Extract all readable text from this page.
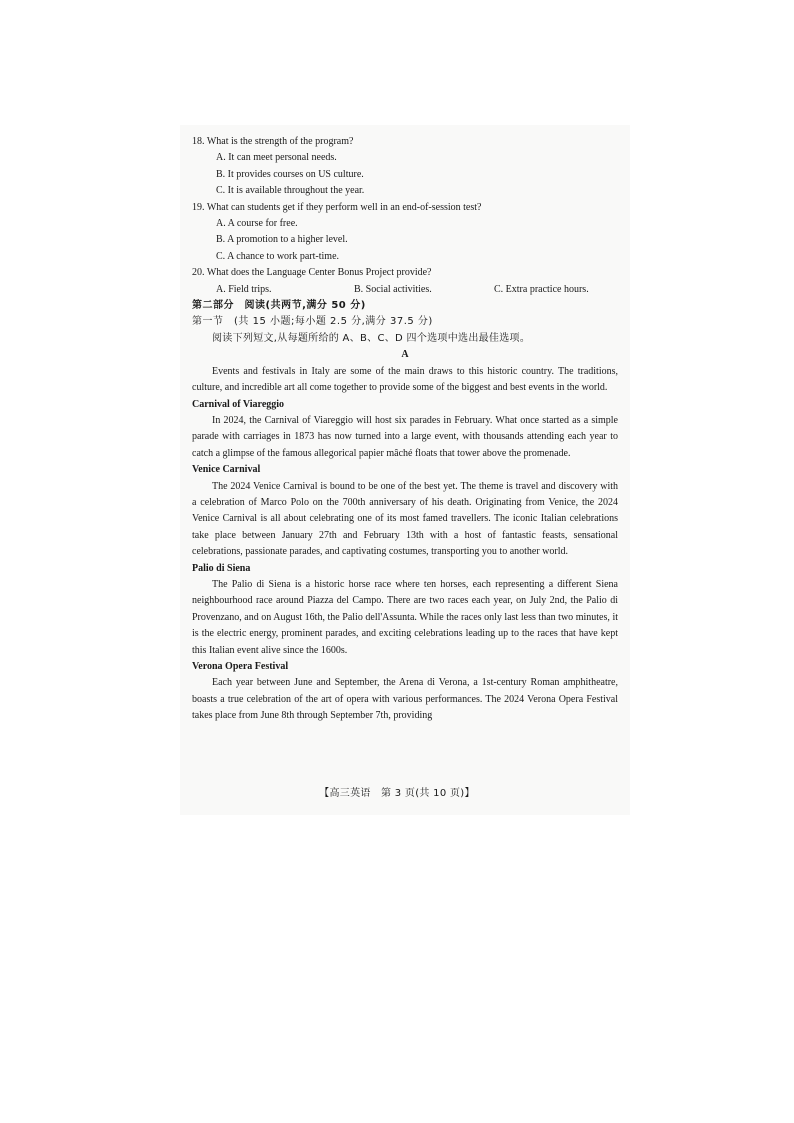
18. What is the strength of the program?

A. It can meet personal needs.

B. It provides courses on US culture.

C. It is available throughout the year.

19. What can students get if they perform well in an end-of-session test?

A. A course for free.

B. A promotion to a higher level.

C. A chance to work part-time.

20. What does the Language Center Bonus Project provide?

A. Field trips.	B. Social activities.	C. Extra practice hours.
第二部分　阅读(共两节,满分 50 分)
第一节　(共 15 小题;每小题 2.5 分,满分 37.5 分)
阅读下列短文,从每题所给的 A、B、C、D 四个选项中选出最佳选项。
A

Events and festivals in Italy are some of the main draws to this historic country. The traditions, culture, and incredible art all come together to provide some of the biggest and best events in the world.

Carnival of Viareggio

In 2024, the Carnival of Viareggio will host six parades in February. What once started as a simple parade with carriages in 1873 has now turned into a large event, with thousands attending each year to catch a glimpse of the famous allegorical papier mâché floats that tower above the promenade.

Venice Carnival

The 2024 Venice Carnival is bound to be one of the best yet. The theme is travel and discovery with a celebration of Marco Polo on the 700th anniversary of his death. Originating from Venice, the 2024 Venice Carnival is all about celebrating one of its most famed travellers. The iconic Italian celebrations take place between January 27th and February 13th with a host of fantastic feasts, sensational celebrations, passionate parades, and captivating costumes, transporting you to another world.

Palio di Siena

The Palio di Siena is a historic horse race where ten horses, each representing a different Siena neighbourhood race around Piazza del Campo. There are two races each year, on July 2nd, the Palio di Provenzano, and on August 16th, the Palio dell'Assunta. While the races only last less than two minutes, it is the electric energy, prominent parades, and exciting celebrations leading up to the races that have kept this Italian event alive since the 1600s.

Verona Opera Festival

Each year between June and September, the Arena di Verona, a 1st-century Roman amphitheatre, boasts a true celebration of the art of opera with various performances. The 2024 Verona Opera Festival takes place from June 8th through September 7th, providing

【高三英语　第 3 页(共 10 页)】
